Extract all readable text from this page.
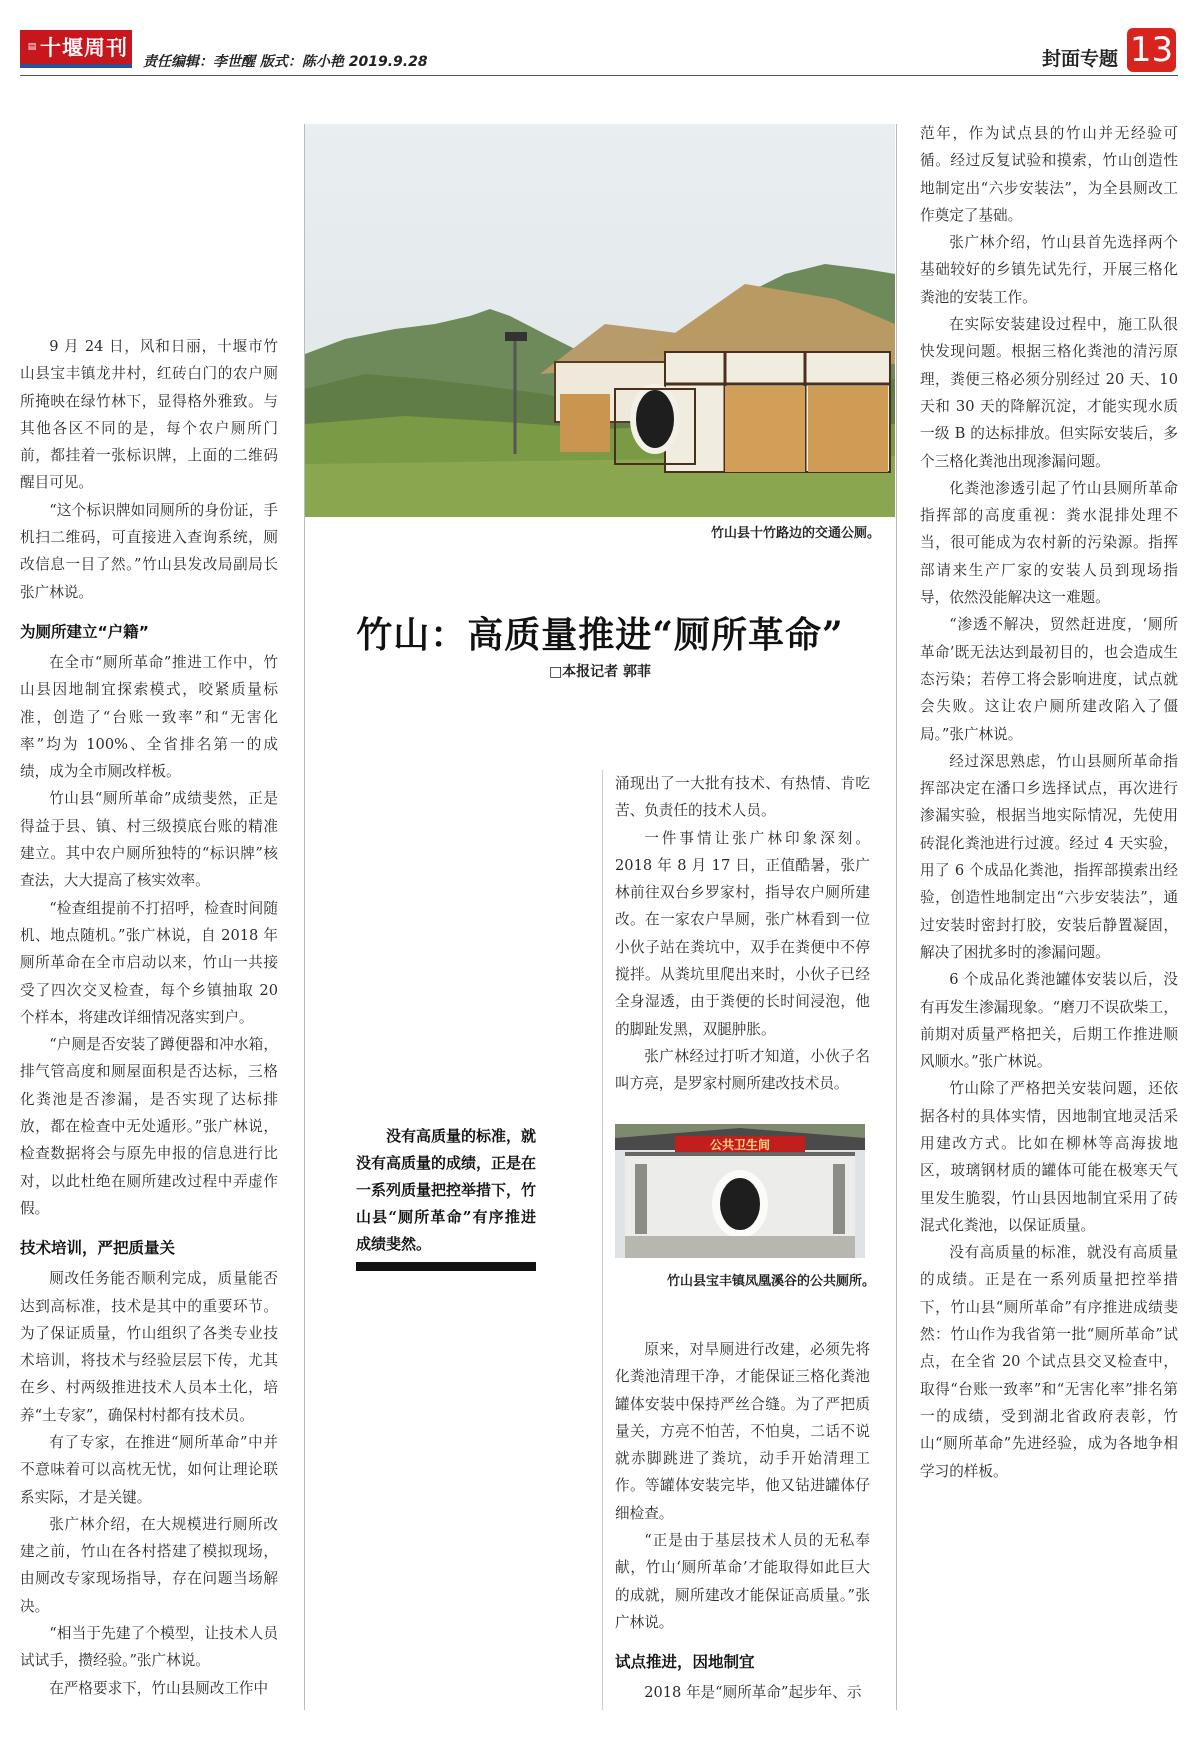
▤ 十堰周刊
责任编辑：李世醒 版式：陈小艳 2019.9.28	封面专题 13
竹山县十竹路边的交通公厕。
竹山：高质量推进“厕所革命”
□本报记者 郭菲

9 月 24 日，风和日丽，十堰市竹山县宝丰镇龙井村，红砖白门的农户厕所掩映在绿竹林下，显得格外雅致。与其他各区不同的是，每个农户厕所门前，都挂着一张标识牌，上面的二维码醒目可见。

“这个标识牌如同厕所的身份证，手机扫二维码，可直接进入查询系统，厕改信息一目了然。”竹山县发改局副局长张广林说。

为厕所建立“户籍”

在全市“厕所革命”推进工作中，竹山县因地制宜探索模式，咬紧质量标准，创造了“台账一致率”和“无害化率”均为 100%、全省排名第一的成绩，成为全市厕改样板。

竹山县“厕所革命”成绩斐然，正是得益于县、镇、村三级摸底台账的精准建立。其中农户厕所独特的“标识牌”核查法，大大提高了核实效率。

“检查组提前不打招呼，检查时间随机、地点随机。”张广林说，自 2018 年厕所革命在全市启动以来，竹山一共接受了四次交叉检查，每个乡镇抽取 20 个样本，将建改详细情况落实到户。

“户厕是否安装了蹲便器和冲水箱，排气管高度和厕屋面积是否达标，三格化粪池是否渗漏，是否实现了达标排放，都在检查中无处遁形。”张广林说，检查数据将会与原先申报的信息进行比对，以此杜绝在厕所建改过程中弄虚作假。

技术培训，严把质量关

厕改任务能否顺利完成，质量能否达到高标准，技术是其中的重要环节。为了保证质量，竹山组织了各类专业技术培训，将技术与经验层层下传，尤其在乡、村两级推进技术人员本土化，培养“土专家”，确保村村都有技术员。

有了专家，在推进“厕所革命”中并不意味着可以高枕无忧，如何让理论联系实际，才是关键。

张广林介绍，在大规模进行厕所改建之前，竹山在各村搭建了模拟现场，由厕改专家现场指导，存在问题当场解决。

“相当于先建了个模型，让技术人员试试手，攒经验。”张广林说。

在严格要求下，竹山县厕改工作中

涌现出了一大批有技术、有热情、肯吃苦、负责任的技术人员。

一件事情让张广林印象深刻。2018 年 8 月 17 日，正值酷暑，张广林前往双台乡罗家村，指导农户厕所建改。在一家农户旱厕，张广林看到一位小伙子站在粪坑中，双手在粪便中不停搅拌。从粪坑里爬出来时，小伙子已经全身湿透，由于粪便的长时间浸泡，他的脚趾发黑，双腿肿胀。

张广林经过打听才知道，小伙子名叫方亮，是罗家村厕所建改技术员。

没有高质量的标准，就没有高质量的成绩，正是在一系列质量把控举措下，竹山县“厕所革命”有序推进成绩斐然。
公共卫生间
竹山县宝丰镇凤凰溪谷的公共厕所。

原来，对旱厕进行改建，必须先将化粪池清理干净，才能保证三格化粪池罐体安装中保持严丝合缝。为了严把质量关，方亮不怕苦，不怕臭，二话不说就赤脚跳进了粪坑，动手开始清理工作。等罐体安装完毕，他又钻进罐体仔细检查。

“正是由于基层技术人员的无私奉献，竹山‘厕所革命’才能取得如此巨大的成就，厕所建改才能保证高质量。”张广林说。

试点推进，因地制宜

2018 年是“厕所革命”起步年、示

范年，作为试点县的竹山并无经验可循。经过反复试验和摸索，竹山创造性地制定出“六步安装法”，为全县厕改工作奠定了基础。

张广林介绍，竹山县首先选择两个基础较好的乡镇先试先行，开展三格化粪池的安装工作。

在实际安装建设过程中，施工队很快发现问题。根据三格化粪池的清污原理，粪便三格必须分别经过 20 天、10 天和 30 天的降解沉淀，才能实现水质一级 B 的达标排放。但实际安装后，多个三格化粪池出现渗漏问题。

化粪池渗透引起了竹山县厕所革命指挥部的高度重视：粪水混排处理不当，很可能成为农村新的污染源。指挥部请来生产厂家的安装人员到现场指导，依然没能解决这一难题。

“渗透不解决，贸然赶进度，‘厕所革命’既无法达到最初目的，也会造成生态污染；若停工将会影响进度，试点就会失败。这让农户厕所建改陷入了僵局。”张广林说。

经过深思熟虑，竹山县厕所革命指挥部决定在潘口乡选择试点，再次进行渗漏实验，根据当地实际情况，先使用砖混化粪池进行过渡。经过 4 天实验，用了 6 个成品化粪池，指挥部摸索出经验，创造性地制定出“六步安装法”，通过安装时密封打胶，安装后静置凝固，解决了困扰多时的渗漏问题。

6 个成品化粪池罐体安装以后，没有再发生渗漏现象。“磨刀不误砍柴工，前期对质量严格把关，后期工作推进顺风顺水。”张广林说。

竹山除了严格把关安装问题，还依据各村的具体实情，因地制宜地灵活采用建改方式。比如在柳林等高海拔地区，玻璃钢材质的罐体可能在极寒天气里发生脆裂，竹山县因地制宜采用了砖混式化粪池，以保证质量。

没有高质量的标准，就没有高质量的成绩。正是在一系列质量把控举措下，竹山县“厕所革命”有序推进成绩斐然：竹山作为我省第一批“厕所革命”试点，在全省 20 个试点县交叉检查中，取得“台账一致率”和“无害化率”排名第一的成绩，受到湖北省政府表彰，竹山“厕所革命”先进经验，成为各地争相学习的样板。
